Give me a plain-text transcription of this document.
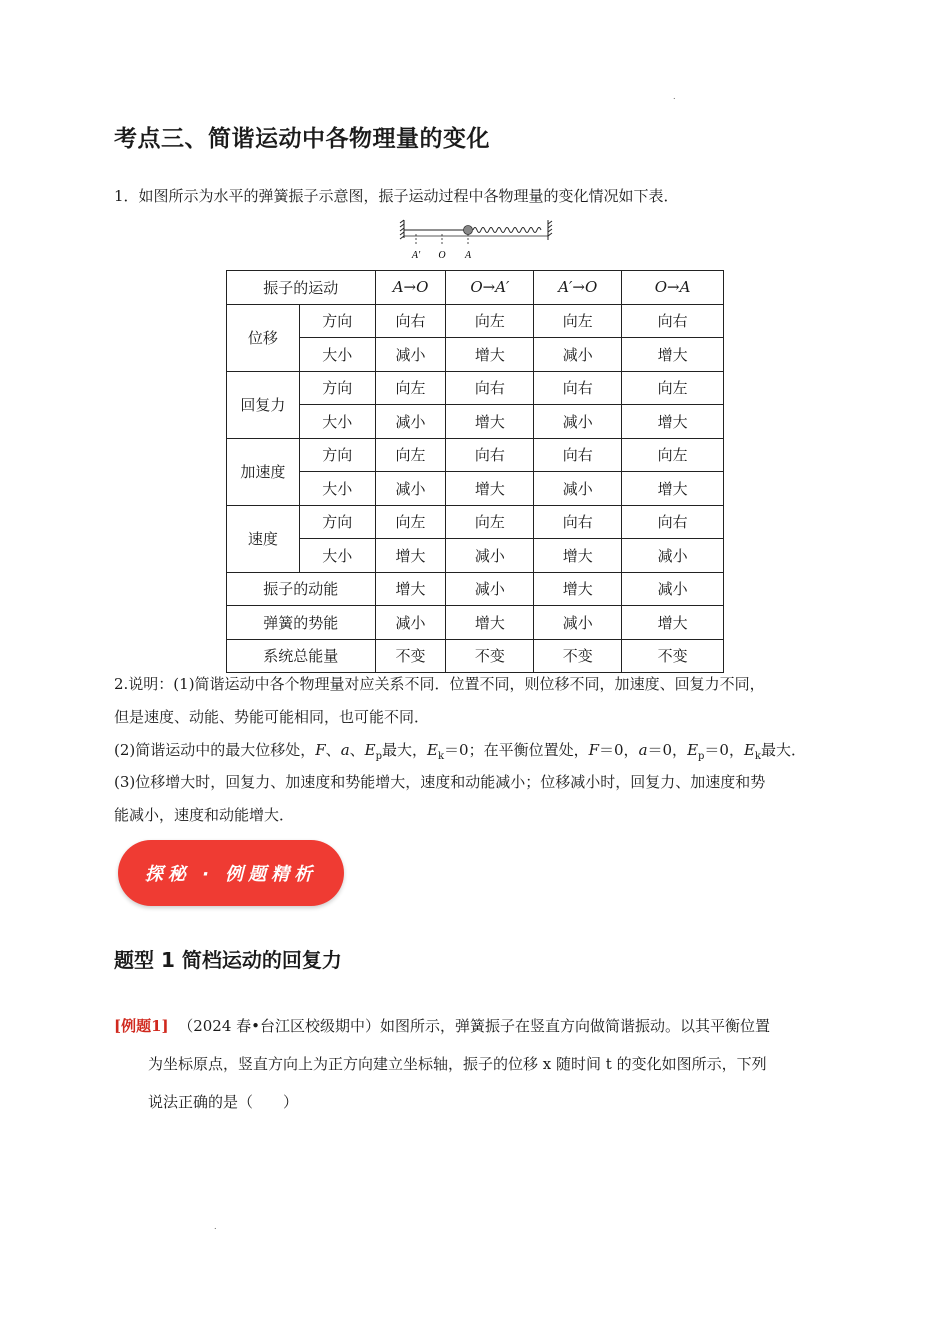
.
考点三、简谐运动中各物理量的变化
1．如图所示为水平的弹簧振子示意图，振子运动过程中各物理量的变化情况如下表．
A′ O A
振子的运动		A→O	O→A′	A′→O	O→A
位移	方向	向右	向左	向左	向右
	大小	减小	增大	减小	增大
回复力	方向	向左	向右	向右	向左
	大小	减小	增大	减小	增大
加速度	方向	向左	向右	向右	向左
	大小	减小	增大	减小	增大
速度	方向	向左	向左	向右	向右
	大小	增大	减小	增大	减小
振子的动能		增大	减小	增大	减小
弹簧的势能		减小	增大	减小	增大
系统总能量		不变	不变	不变	不变
2.说明：(1)简谐运动中各个物理量对应关系不同．位置不同，则位移不同，加速度、回复力不同，
但是速度、动能、势能可能相同，也可能不同．
(2)简谐运动中的最大位移处，F、a、$E_p$最大，$E_k=0$；在平衡位置处，F＝0，a＝0，$E_p=0$，$E_k$最大．
(3)位移增大时，回复力、加速度和势能增大，速度和动能减小；位移减小时，回复力、加速度和势
能减小，速度和动能增大．
探秘 · 例题精析
题型 1 简档运动的回复力
[例题1] （2024 春•台江区校级期中）如图所示，弹簧振子在竖直方向做简谐振动。以其平衡位置
为坐标原点，竖直方向上为正方向建立坐标轴，振子的位移 x 随时间 t 的变化如图所示，下列
说法正确的是（　　）
.
